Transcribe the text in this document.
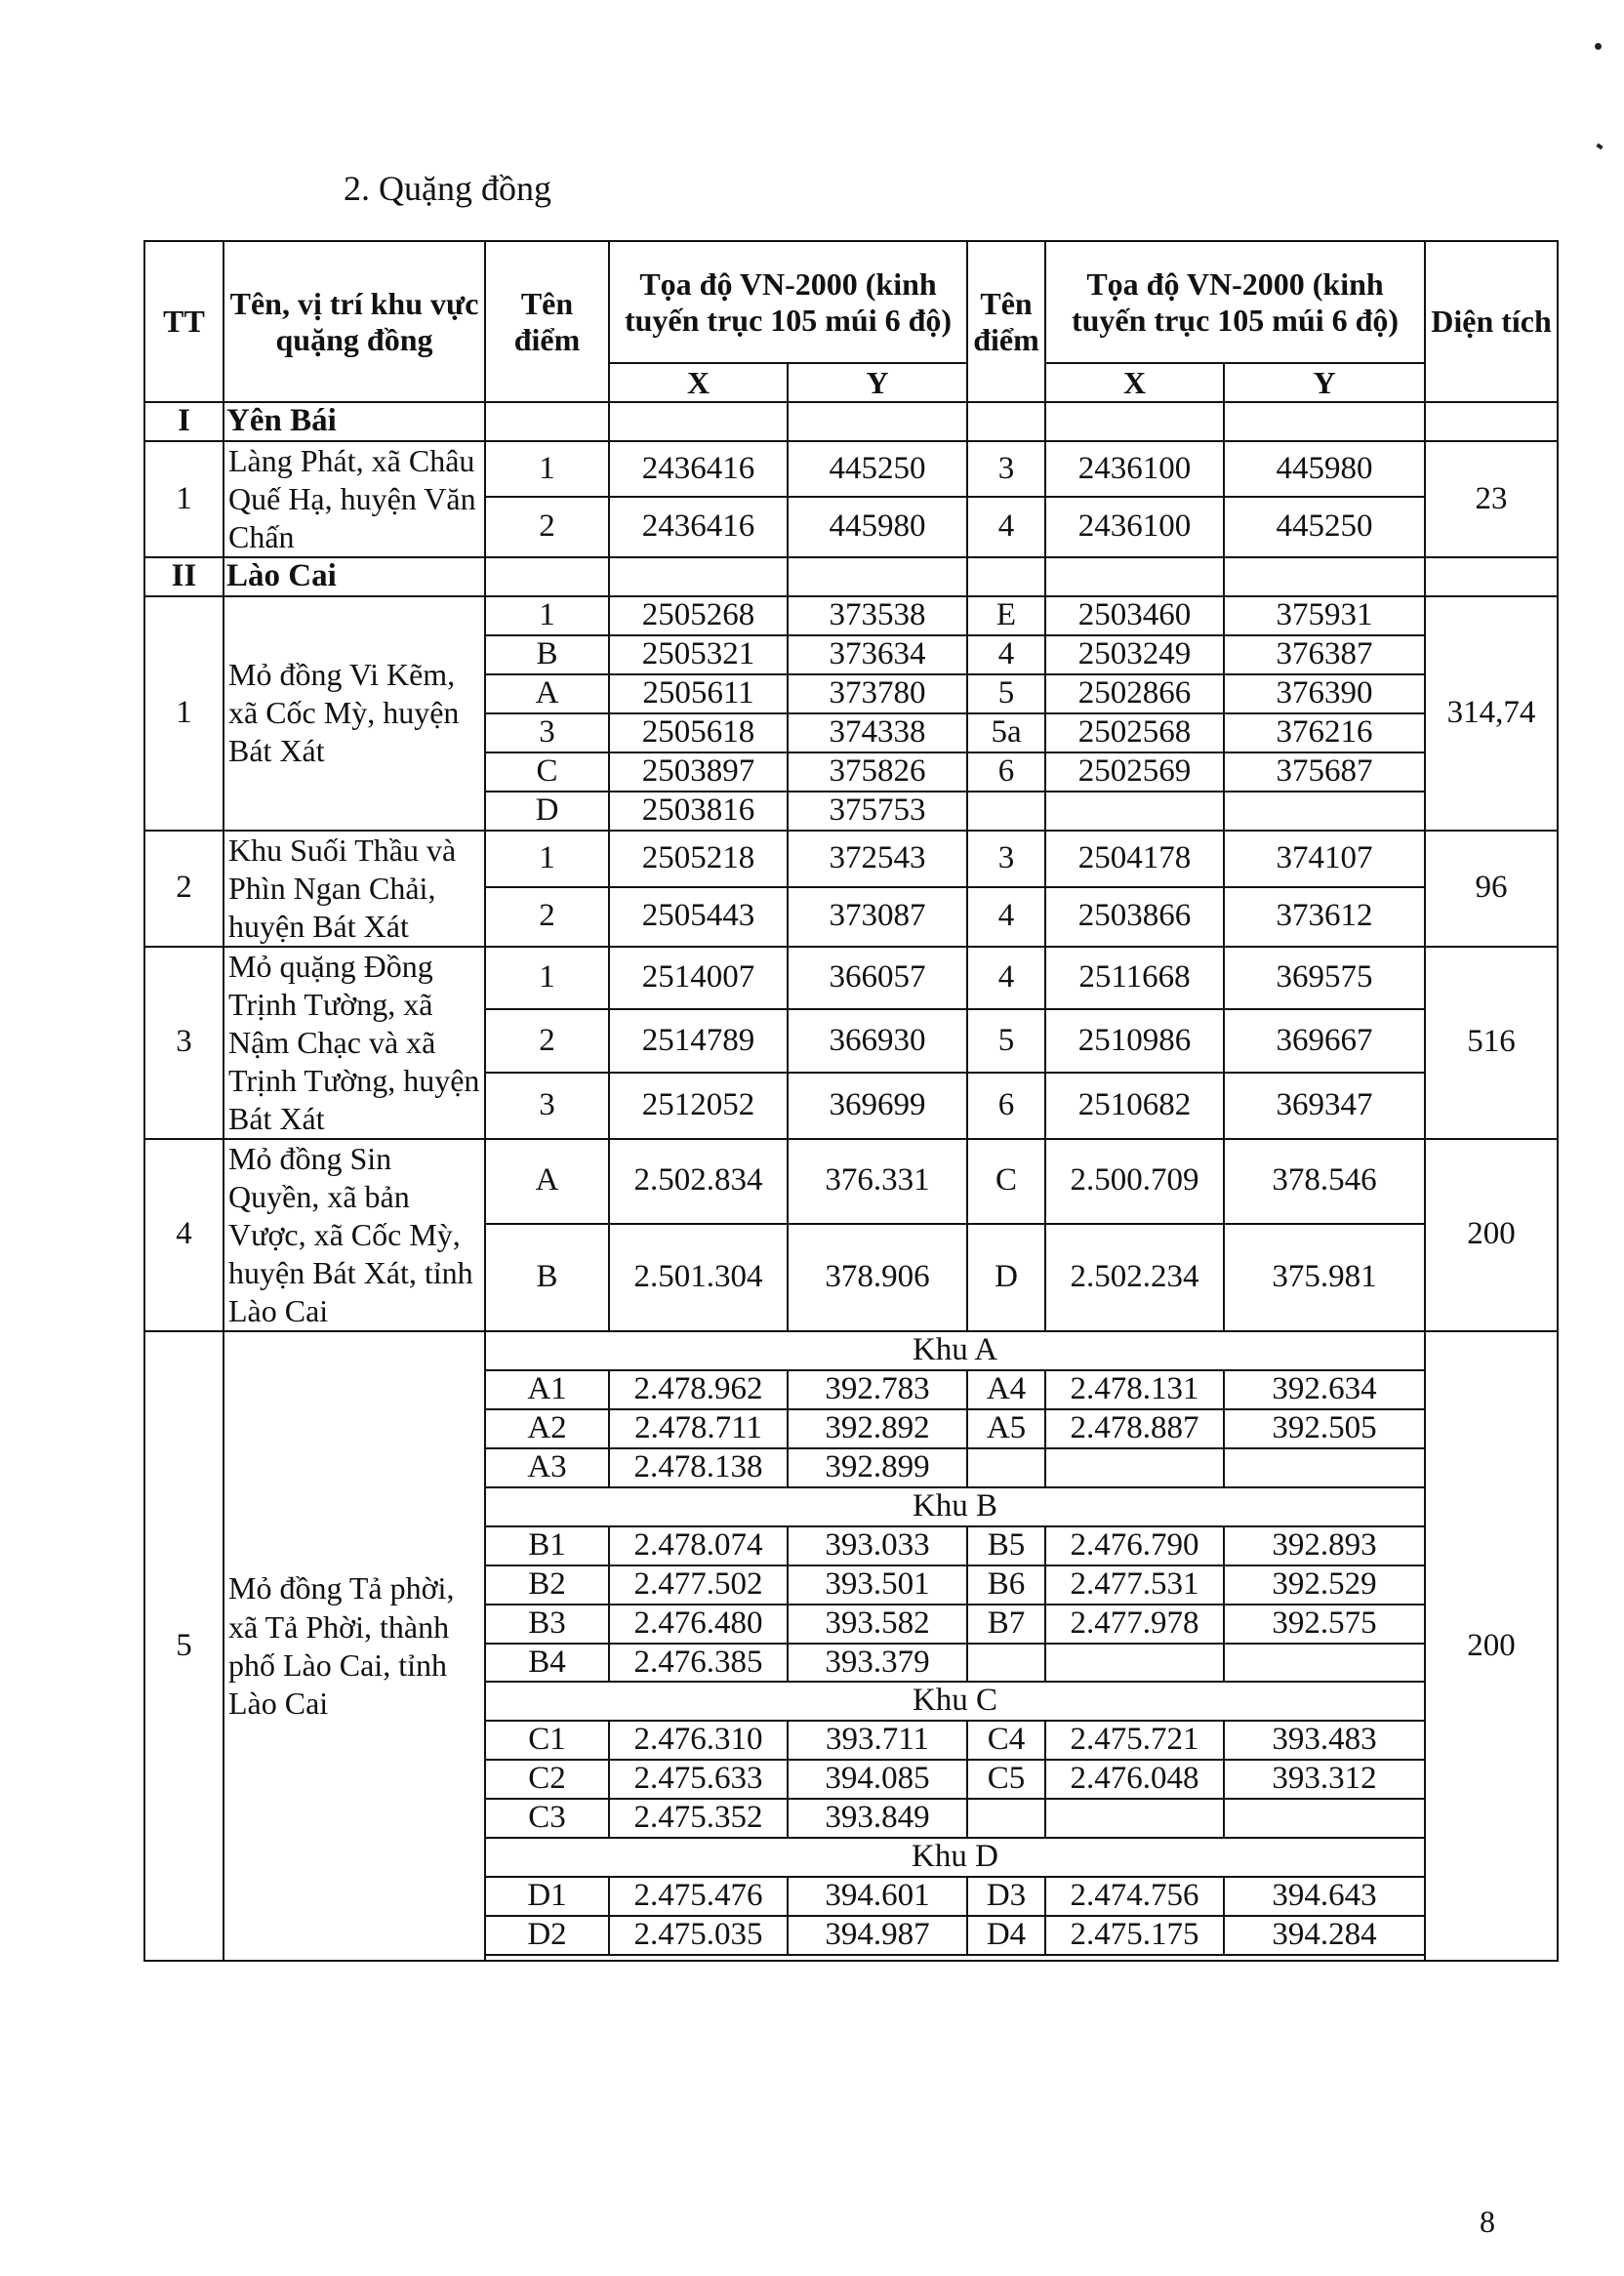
2. Quặng đồng
TT	Tên, vị trí khu vực quặng đồng	Tên điểm	Tọa độ VN-2000 (kinh tuyến trục 105 múi 6 độ)		Tên điểm	Tọa độ VN-2000 (kinh tuyến trục 105 múi 6 độ)		Diện tích
			X	Y		X	Y	
I	Yên Bái							
1	Làng Phát, xã Châu Quế Hạ, huyện Văn Chấn	1	2436416	445250	3	2436100	445980	23
		2	2436416	445980	4	2436100	445250	
II	Lào Cai							
1	Mỏ đồng Vi Kẽm, xã Cốc Mỳ, huyện Bát Xát	1	2505268	373538	E	2503460	375931	314,74
		B	2505321	373634	4	2503249	376387	
		A	2505611	373780	5	2502866	376390	
		3	2505618	374338	5a	2502568	376216	
		C	2503897	375826	6	2502569	375687	
		D	2503816	375753				
2	Khu Suối Thầu và Phìn Ngan Chải, huyện Bát Xát	1	2505218	372543	3	2504178	374107	96
		2	2505443	373087	4	2503866	373612	
3	Mỏ quặng Đồng Trịnh Tường, xã Nậm Chạc và xã Trịnh Tường, huyện Bát Xát	1	2514007	366057	4	2511668	369575	516
		2	2514789	366930	5	2510986	369667	
		3	2512052	369699	6	2510682	369347	
4	Mỏ đồng Sin Quyền, xã bản Vược, xã Cốc Mỳ, huyện Bát Xát, tỉnh Lào Cai	A	2.502.834	376.331	C	2.500.709	378.546	200
		B	2.501.304	378.906	D	2.502.234	375.981	
5	Mỏ đồng Tả phời, xã Tả Phời, thành phố Lào Cai, tỉnh Lào Cai	Khu A						200
		A1	2.478.962	392.783	A4	2.478.131	392.634	
		A2	2.478.711	392.892	A5	2.478.887	392.505	
		A3	2.478.138	392.899				
		Khu B						
		B1	2.478.074	393.033	B5	2.476.790	392.893	
		B2	2.477.502	393.501	B6	2.477.531	392.529	
		B3	2.476.480	393.582	B7	2.477.978	392.575	
		B4	2.476.385	393.379				
		Khu C						
		C1	2.476.310	393.711	C4	2.475.721	393.483	
		C2	2.475.633	394.085	C5	2.476.048	393.312	
		C3	2.475.352	393.849				
		Khu D						
		D1	2.475.476	394.601	D3	2.474.756	394.643	
		D2	2.475.035	394.987	D4	2.475.175	394.284	

8
